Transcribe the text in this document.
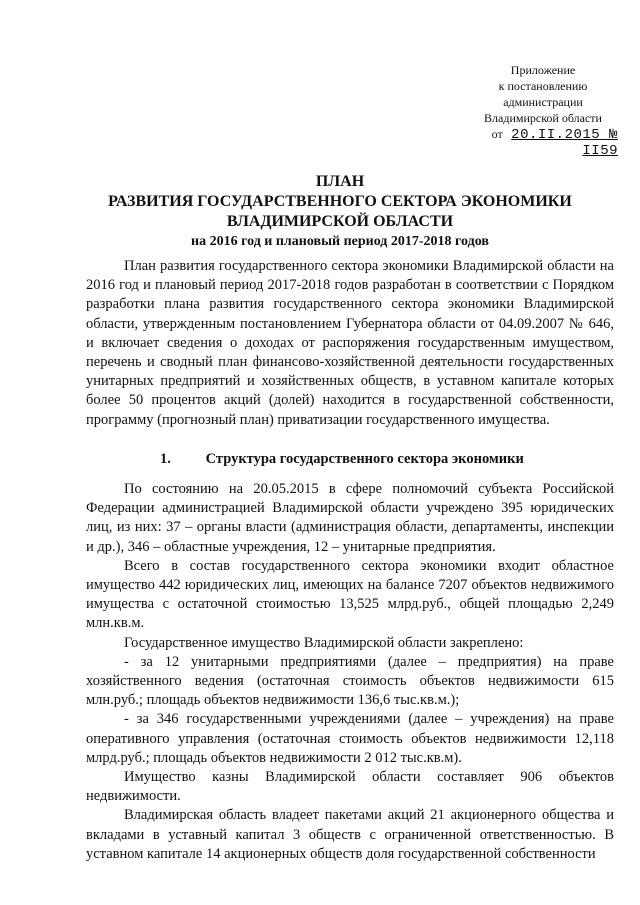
Приложение
к постановлению
администрации
Владимирской области
от 20.II.2015 № II59
ПЛАН
РАЗВИТИЯ ГОСУДАРСТВЕННОГО СЕКТОРА ЭКОНОМИКИ
ВЛАДИМИРСКОЙ ОБЛАСТИ
на 2016 год и плановый период 2017-2018 годов

План развития государственного сектора экономики Владимирской области на 2016 год и плановый период 2017-2018 годов разработан в соответствии с Порядком разработки плана развития государственного сектора экономики Владимирской области, утвержденным постановлением Губернатора области от 04.09.2007 № 646, и включает сведения о доходах от распоряжения государственным имуществом, перечень и сводный план финансово-хозяйственной деятельности государственных унитарных предприятий и хозяйственных обществ, в уставном капитале которых более 50 процентов акций (долей) находится в государственной собственности, программу (прогнозный план) приватизации государственного имущества.

1. Структура государственного сектора экономики

По состоянию на 20.05.2015 в сфере полномочий субъекта Российской Федерации администрацией Владимирской области учреждено 395 юридических лиц, из них: 37 – органы власти (администрация области, департаменты, инспекции и др.), 346 – областные учреждения, 12 – унитарные предприятия.

Всего в состав государственного сектора экономики входит областное имущество 442 юридических лиц, имеющих на балансе 7207 объектов недвижимого имущества с остаточной стоимостью 13,525 млрд.руб., общей площадью 2,249 млн.кв.м.

Государственное имущество Владимирской области закреплено:

- за 12 унитарными предприятиями (далее – предприятия) на праве хозяйственного ведения (остаточная стоимость объектов недвижимости 615 млн.руб.; площадь объектов недвижимости 136,6 тыс.кв.м.);

- за 346 государственными учреждениями (далее – учреждения) на праве оперативного управления (остаточная стоимость объектов недвижимости 12,118 млрд.руб.; площадь объектов недвижимости 2 012 тыс.кв.м).

Имущество казны Владимирской области составляет 906 объектов недвижимости.

Владимирская область владеет пакетами акций 21 акционерного общества и вкладами в уставный капитал 3 обществ с ограниченной ответственностью. В уставном капитале 14 акционерных обществ доля государственной собственности
